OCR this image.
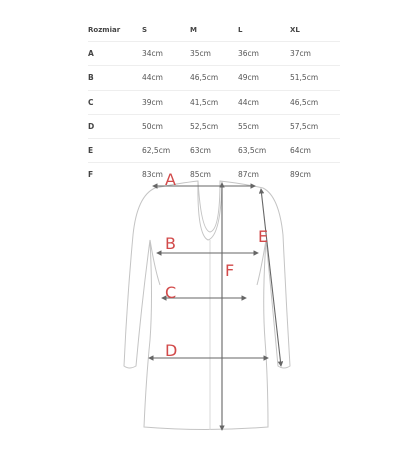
Rozmiar	S	M	L	XL
A	34cm	35cm	36cm	37cm
B	44cm	46,5cm	49cm	51,5cm
C	39cm	41,5cm	44cm	46,5cm
D	50cm	52,5cm	55cm	57,5cm
E	62,5cm	63cm	63,5cm	64cm
F	83cm	85cm	87cm	89cm
A
B
C
D
E
F
